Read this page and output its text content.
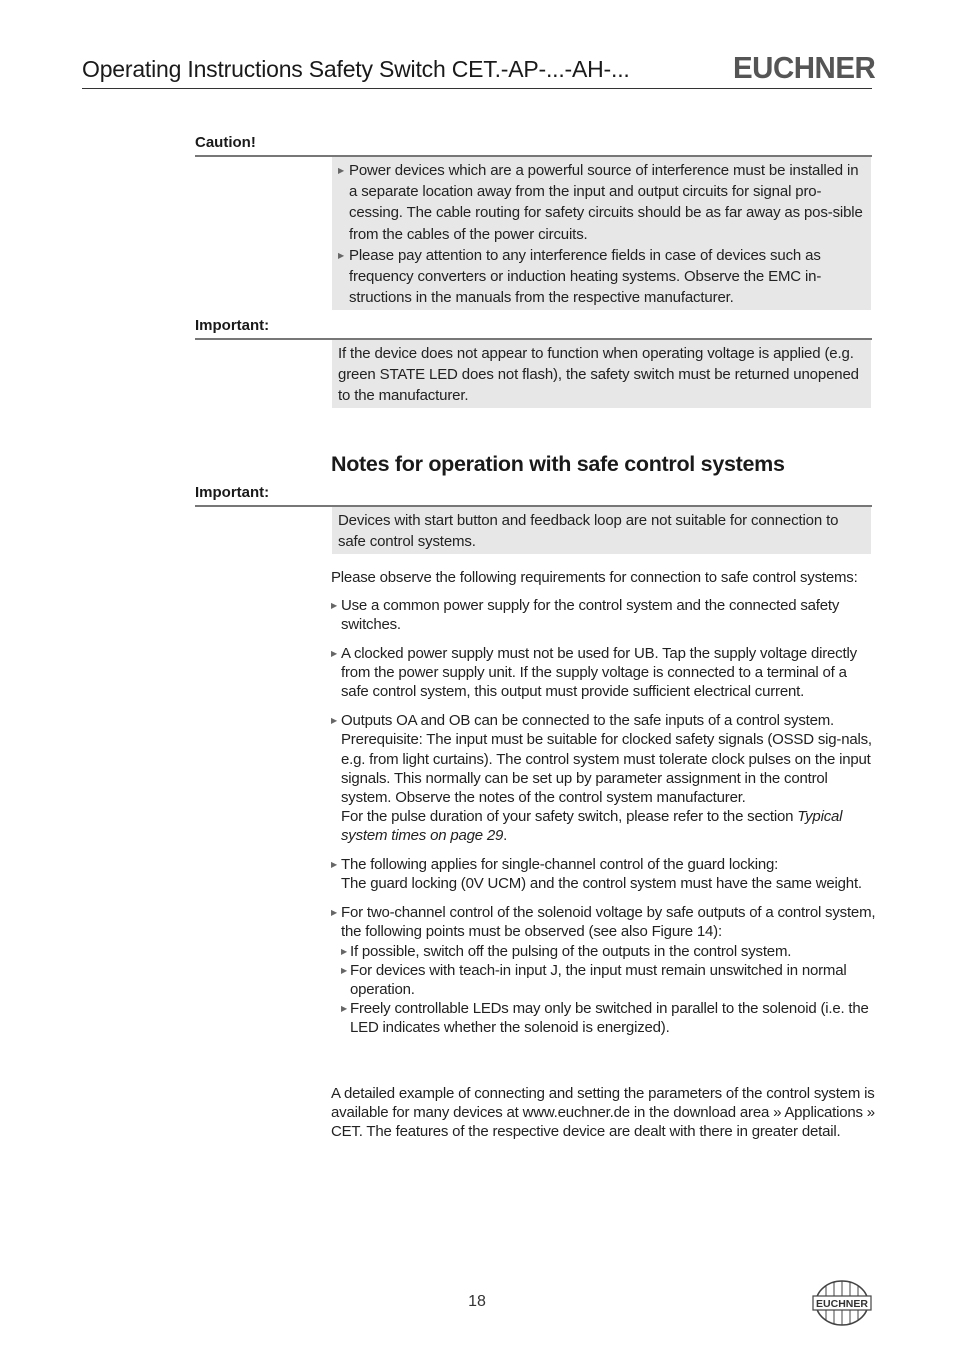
Operating Instructions Safety Switch CET.-AP-...-AH-...	EUCHNER
Caution!
▶ Power devices which are a powerful source of interference must be installed in a separate location away from the input and output circuits for signal pro-cessing. The cable routing for safety circuits should be as far away as pos-sible from the cables of the power circuits.
▶ Please pay attention to any interference fields in case of devices such as frequency converters or induction heating systems. Observe the EMC in-structions in the manuals from the respective manufacturer.
Important:
If the device does not appear to function when operating voltage is applied (e.g. green STATE LED does not flash), the safety switch must be returned unopened to the manufacturer.
Notes for operation with safe control systems
Important:
Devices with start button and feedback loop are not suitable for connection to safe control systems.
Please observe the following requirements for connection to safe control systems:
▶ Use a common power supply for the control system and the connected safety switches.
▶ A clocked power supply must not be used for UB. Tap the supply voltage directly from the power supply unit. If the supply voltage is connected to a terminal of a safe control system, this output must provide sufficient electrical current.
▶ Outputs OA and OB can be connected to the safe inputs of a control system. Prerequisite: The input must be suitable for clocked safety signals (OSSD sig-nals, e.g. from light curtains). The control system must tolerate clock pulses on the input signals. This normally can be set up by parameter assignment in the control system. Observe the notes of the control system manufacturer.
For the pulse duration of your safety switch, please refer to the section Typical system times on page 29.
▶ The following applies for single-channel control of the guard locking:
The guard locking (0V UCM) and the control system must have the same weight.
▶ For two-channel control of the solenoid voltage by safe outputs of a control system, the following points must be observed (see also Figure 14):
▶ If possible, switch off the pulsing of the outputs in the control system.
▶ For devices with teach-in input J, the input must remain unswitched in normal operation.
▶ Freely controllable LEDs may only be switched in parallel to the solenoid (i.e. the LED indicates whether the solenoid is energized).
A detailed example of connecting and setting the parameters of the control system is available for many devices at www.euchner.de in the download area » Applications » CET. The features of the respective device are dealt with there in greater detail.
18	EUCHNER
